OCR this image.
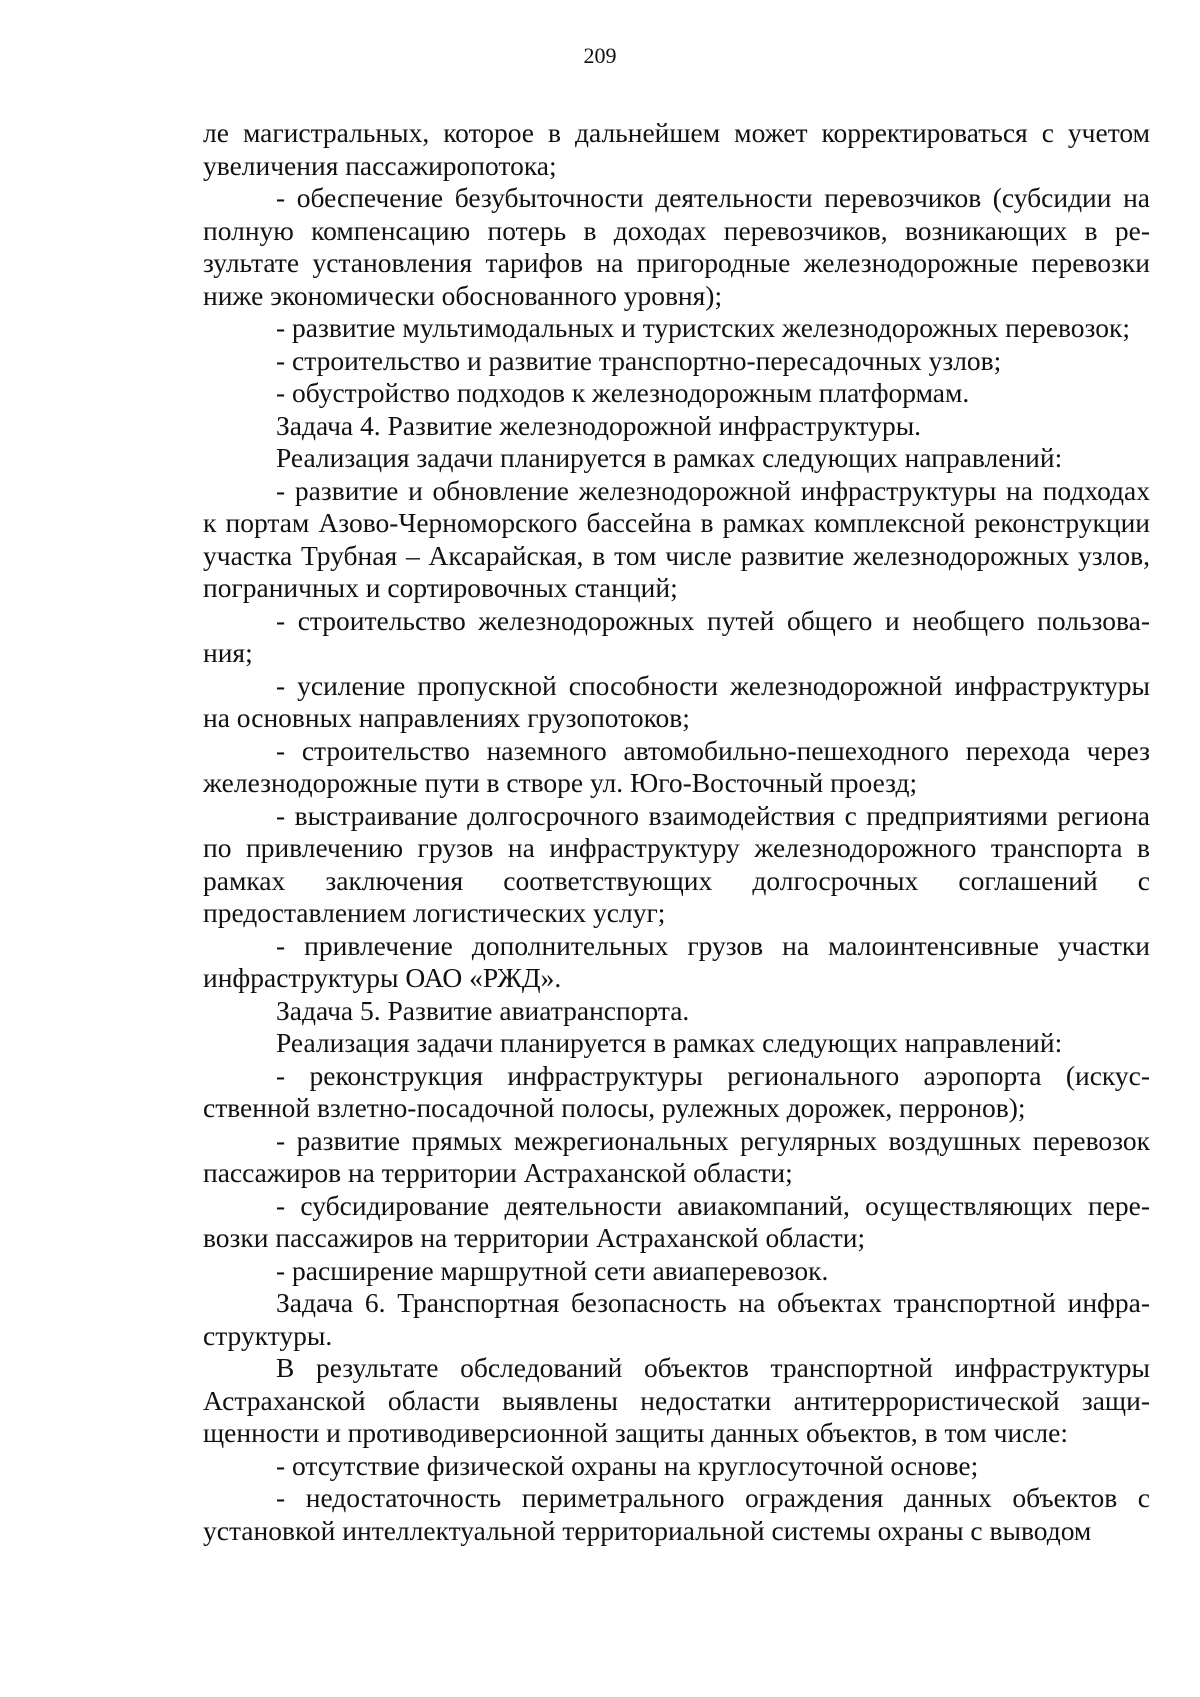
209

ле магистральных, которое в дальнейшем может корректироваться с учетом увеличения пассажиропотока;

- обеспечение безубыточности деятельности перевозчиков (субсидии на полную компенсацию потерь в доходах перевозчиков, возникающих в результате установления тарифов на пригородные железнодорожные перевозки ниже экономически обоснованного уровня);

- развитие мультимодальных и туристских железнодорожных перевозок;

- строительство и развитие транспортно-пересадочных узлов;

- обустройство подходов к железнодорожным платформам.

Задача 4. Развитие железнодорожной инфраструктуры.

Реализация задачи планируется в рамках следующих направлений:

- развитие и обновление железнодорожной инфраструктуры на подходах к портам Азово-Черноморского бассейна в рамках комплексной реконструкции участка Трубная – Аксарайская, в том числе развитие железнодорожных узлов, пограничных и сортировочных станций;

- строительство железнодорожных путей общего и необщего пользования;

- усиление пропускной способности железнодорожной инфраструктуры на основных направлениях грузопотоков;

- строительство наземного автомобильно-пешеходного перехода через железнодорожные пути в створе ул. Юго-Восточный проезд;

- выстраивание долгосрочного взаимодействия с предприятиями региона по привлечению грузов на инфраструктуру железнодорожного транспорта в рамках заключения соответствующих долгосрочных соглашений с предоставлением логистических услуг;

- привлечение дополнительных грузов на малоинтенсивные участки инфраструктуры ОАО «РЖД».

Задача 5. Развитие авиатранспорта.

Реализация задачи планируется в рамках следующих направлений:

- реконструкция инфраструктуры регионального аэропорта (искусственной взлетно-посадочной полосы, рулежных дорожек, перронов);

- развитие прямых межрегиональных регулярных воздушных перевозок пассажиров на территории Астраханской области;

- субсидирование деятельности авиакомпаний, осуществляющих перевозки пассажиров на территории Астраханской области;

- расширение маршрутной сети авиаперевозок.

Задача 6. Транспортная безопасность на объектах транспортной инфраструктуры.

В результате обследований объектов транспортной инфраструктуры Астраханской области выявлены недостатки антитеррористической защищенности и противодиверсионной защиты данных объектов, в том числе:

- отсутствие физической охраны на круглосуточной основе;

- недостаточность периметрального ограждения данных объектов с установкой интеллектуальной территориальной системы охраны с выводом
